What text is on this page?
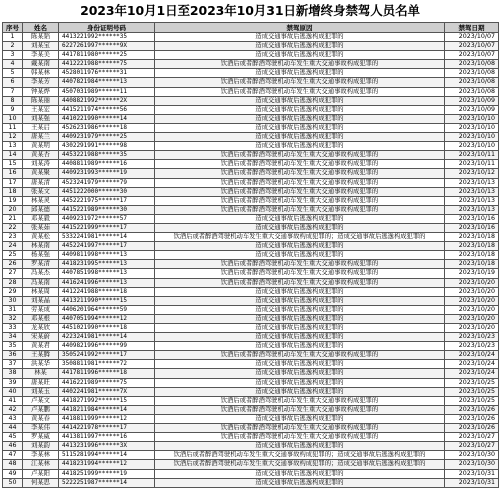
2023年10月1日至2023年10月31日新增终身禁驾人员名单
序号	姓名	身份证明号码	禁驾原因	禁驾日期
1	陈某韬	4413221992******35	造成交通事故后逃逸构成犯罪的	2023/10/07
2	刘某宝	6227261997******9X	造成交通事故后逃逸构成犯罪的	2023/10/07
3	李某美	4417811980******25	造成交通事故后逃逸构成犯罪的	2023/10/07
4	戴某南	4412221988******75	饮酒后或者醉酒驾驶机动车发生重大交通事故构成犯罪的	2023/10/08
5	韩某林	4528011976******31	造成交通事故后逃逸构成犯罪的	2023/10/08
6	李某芳	4407821984******13	饮酒后或者醉酒驾驶机动车发生重大交通事故构成犯罪的	2023/10/08
7	钟某烨	4507031989******11	饮酒后或者醉酒驾驶机动车发生重大交通事故构成犯罪的	2023/10/08
8	陈某丽	4408821992******2X	造成交通事故后逃逸构成犯罪的	2023/10/09
9	王某宏	4415211974******56	造成交通事故后逃逸构成犯罪的	2023/10/09
10	刘某强	4410221990******14	造成交通事故后逃逸构成犯罪的	2023/10/10
11	王某启	4526231986******18	造成交通事故后逃逸构成犯罪的	2023/10/10
12	唐某兰	4409231979******25	造成交通事故后逃逸构成犯罪的	2023/10/10
13	黄某明	4302291991******98	造成交通事故后逃逸构成犯罪的	2023/10/10
14	黄某杏	4453221988******35	饮酒后或者醉酒驾驶机动车发生重大交通事故构成犯罪的	2023/10/11
15	刘某涛	4408811989******16	饮酒后或者醉酒驾驶机动车发生重大交通事故构成犯罪的	2023/10/11
16	黄某聚	4409231993******19	饮酒后或者醉酒驾驶机动车发生重大交通事故构成犯罪的	2023/10/12
17	唐某清	4523241979******79	饮酒后或者醉酒驾驶机动车发生重大交通事故构成犯罪的	2023/10/13
18	张某文	4451222000******30	饮酒后或者醉酒驾驶机动车发生重大交通事故构成犯罪的	2023/10/13
19	林某灵	4452221975******17	饮酒后或者醉酒驾驶机动车发生重大交通事故构成犯罪的	2023/10/13
20	邱某德	4415221989******30	饮酒后或者醉酒驾驶机动车发生重大交通事故构成犯罪的	2023/10/13
21	邓某毅	4409231972******57	造成交通事故后逃逸构成犯罪的	2023/10/16
22	张某茹	4415221999******17	造成交通事故后逃逸构成犯罪的	2023/10/16
23	黄某松	5332241981******14	饮酒后或者醉酒驾驶机动车发生重大交通事故构成犯罪的；造成交通事故后逃逸构成犯罪的	2023/10/18
24	林某南	4452241997******17	造成交通事故后逃逸构成犯罪的	2023/10/18
25	杨某强	4409811998******13	造成交通事故后逃逸构成犯罪的	2023/10/18
26	罗某清	4418231995******13	饮酒后或者醉酒驾驶机动车发生重大交通事故构成犯罪的	2023/10/18
27	冯某杰	4407851998******13	饮酒后或者醉酒驾驶机动车发生重大交通事故构成犯罪的	2023/10/19
28	冯某南	4416241996******13	饮酒后或者醉酒驾驶机动车发生重大交通事故构成犯罪的	2023/10/20
29	林某周	4412241988******18	造成交通事故后逃逸构成犯罪的	2023/10/20
30	刘某晶	4413211990******15	造成交通事故后逃逸构成犯罪的	2023/10/20
31	劳某成	4406201964******59	造成交通事故后逃逸构成犯罪的	2023/10/20
32	邓某根	4407051994******12	造成交通事故后逃逸构成犯罪的	2023/10/20
33	龙某欣	4451021990******18	造成交通事故后逃逸构成犯罪的	2023/10/20
34	宋某蔚	4223241981******14	造成交通事故后逃逸构成犯罪的	2023/10/23
35	黄某君	4409821996******99	造成交通事故后逃逸构成犯罪的	2023/10/23
36	王某腾	3505241992******17	饮酒后或者醉酒驾驶机动车发生重大交通事故构成犯罪的	2023/10/24
37	洪某华	3508811981******72	造成交通事故后逃逸构成犯罪的	2023/10/24
38	林某	4417811996******18	造成交通事故后逃逸构成犯罪的	2023/10/24
39	唐某旺	4416221989******75	造成交通事故后逃逸构成犯罪的	2023/10/25
40	刘某玉	4402241981******7X	造成交通事故后逃逸构成犯罪的	2023/10/25
41	卢某文	4418271992******15	饮酒后或者醉酒驾驶机动车发生重大交通事故构成犯罪的	2023/10/25
42	卢某鹏	4418211984******14	饮酒后或者醉酒驾驶机动车发生重大交通事故构成犯罪的	2023/10/26
43	黄某春	4418811999******12	造成交通事故后逃逸构成犯罪的	2023/10/26
44	李某伟	4414221978******17	饮酒后或者醉酒驾驶机动车发生重大交通事故构成犯罪的	2023/10/26
45	罗某威	4413811997******16	饮酒后或者醉酒驾驶机动车发生重大交通事故构成犯罪的	2023/10/27
46	刘某韵	4413231996******3X	造成交通事故后逃逸构成犯罪的	2023/10/27
47	李某林	5115281994******14	饮酒后或者醉酒驾驶机动车发生重大交通事故构成犯罪的；造成交通事故后逃逸构成犯罪的	2023/10/30
48	江某林	4418231994******12	饮酒后或者醉酒驾驶机动车发生重大交通事故构成犯罪的；造成交通事故后逃逸构成犯罪的	2023/10/30
49	卢某阳	4418251999******19	造成交通事故后逃逸构成犯罪的	2023/10/31
50	何某思	5222251987******14	造成交通事故后逃逸构成犯罪的	2023/10/31
